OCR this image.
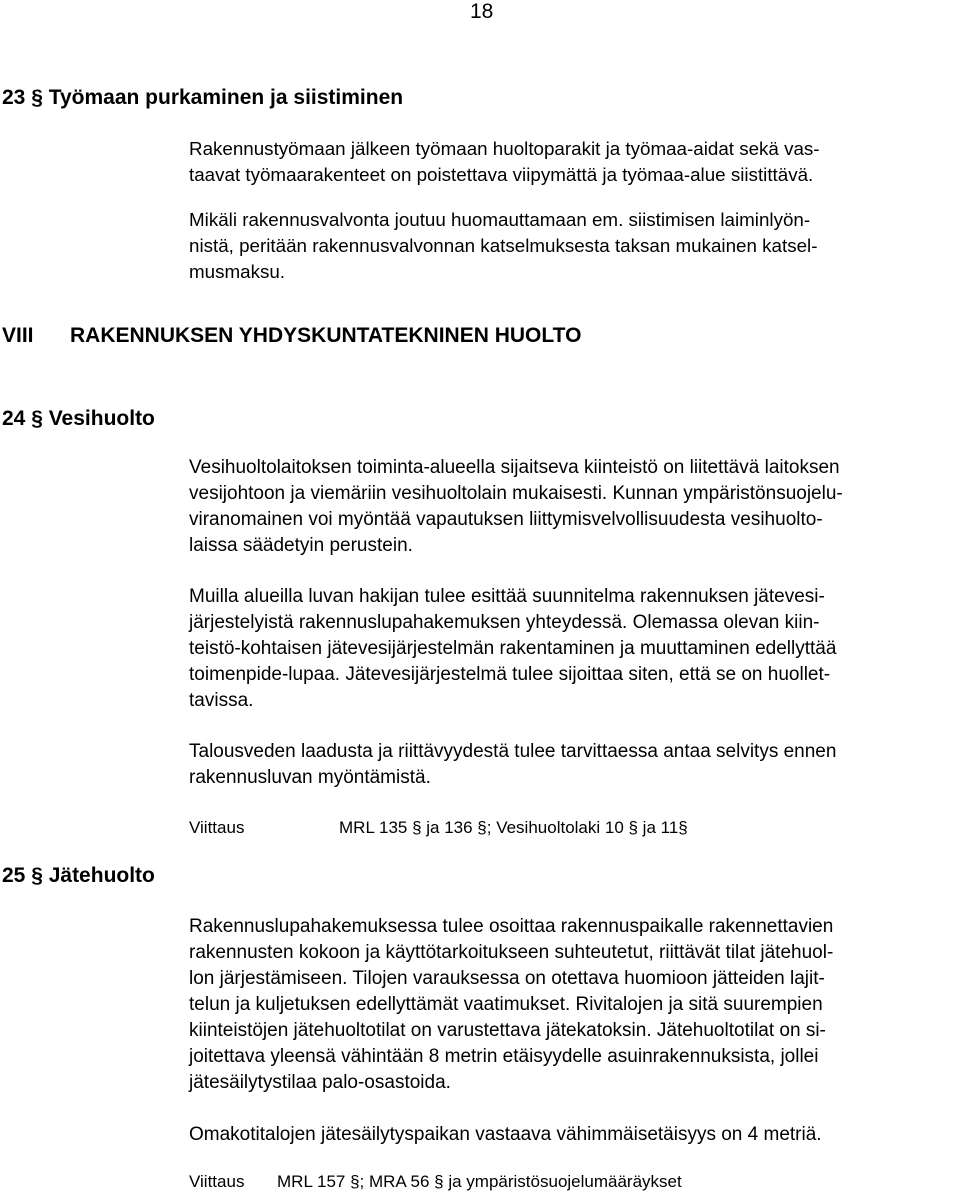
18
23 § Työmaan purkaminen ja siistiminen
Rakennustyömaan jälkeen työmaan huoltoparakit ja työmaa-aidat sekä vas-
taavat työmaarakenteet on poistettava viipymättä ja työmaa-alue siistittävä.
Mikäli rakennusvalvonta joutuu huomauttamaan em. siistimisen laiminlyön-
nistä, peritään rakennusvalvonnan katselmuksesta taksan mukainen katsel-
musmaksu.
VIII RAKENNUKSEN YHDYSKUNTATEKNINEN HUOLTO
24 § Vesihuolto
Vesihuoltolaitoksen toiminta-alueella sijaitseva kiinteistö on liitettävä laitoksen
vesijohtoon ja viemäriin vesihuoltolain mukaisesti. Kunnan ympäristönsuojelu-
viranomainen voi myöntää vapautuksen liittymisvelvollisuudesta vesihuolto-
laissa säädetyin perustein.
Muilla alueilla luvan hakijan tulee esittää suunnitelma rakennuksen jätevesi-
järjestelyistä rakennuslupahakemuksen yhteydessä. Olemassa olevan kiin-
teistö-kohtaisen jätevesijärjestelmän rakentaminen ja muuttaminen edellyttää
toimenpide-lupaa. Jätevesijärjestelmä tulee sijoittaa siten, että se on huollet-
tavissa.
Talousveden laadusta ja riittävyydestä tulee tarvittaessa antaa selvitys ennen
rakennusluvan myöntämistä.
Viittaus	MRL 135 § ja 136 §; Vesihuoltolaki 10 § ja 11§
25 § Jätehuolto
Rakennuslupahakemuksessa tulee osoittaa rakennuspaikalle rakennettavien
rakennusten kokoon ja käyttötarkoitukseen suhteutetut, riittävät tilat jätehuol-
lon järjestämiseen. Tilojen varauksessa on otettava huomioon jätteiden lajit-
telun ja kuljetuksen edellyttämät vaatimukset. Rivitalojen ja sitä suurempien
kiinteistöjen jätehuoltotilat on varustettava jätekatoksin. Jätehuoltotilat on si-
joitettava yleensä vähintään 8 metrin etäisyydelle asuinrakennuksista, jollei
jätesäilytystilaa palo-osastoida.
Omakotitalojen jätesäilytyspaikan vastaava vähimmäisetäisyys on 4 metriä.
Viittaus MRL 157 §; MRA 56 § ja ympäristösuojelumääräykset
